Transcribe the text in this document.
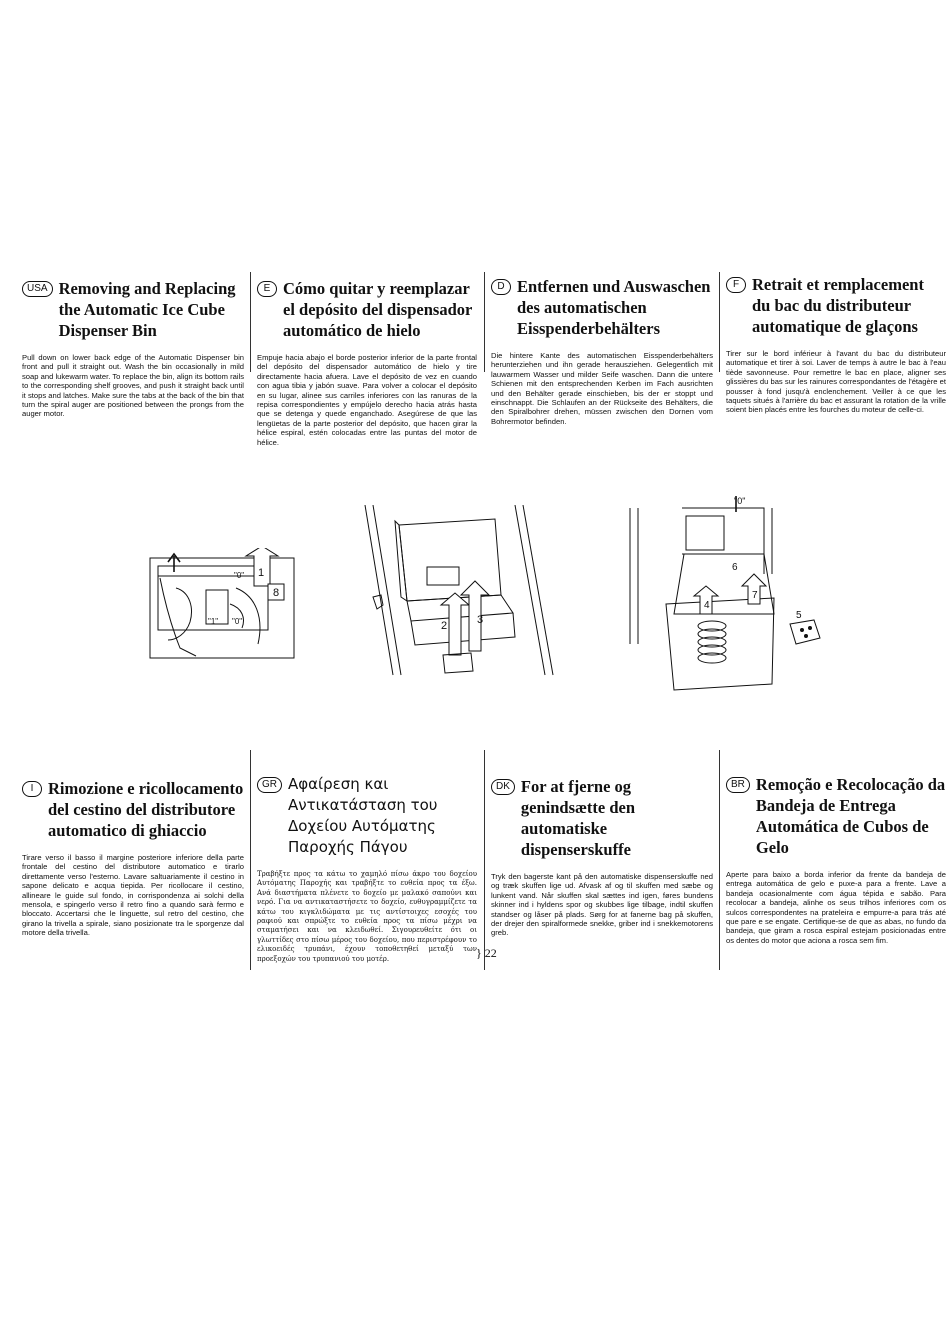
USA Removing and Replacing the Automatic Ice Cube Dispenser Bin
Pull down on lower back edge of the Automatic Dispenser bin front and pull it straight out. Wash the bin occasionally in mild soap and lukewarm water. To replace the bin, align its bottom rails to the corresponding shelf grooves, and push it straight back until it stops and latches. Make sure the tabs at the back of the bin that turn the spiral auger are positioned between the prongs from the auger motor.
E Cómo quitar y reemplazar el depósito del dispensador automático de hielo
Empuje hacia abajo el borde posterior inferior de la parte frontal del depósito del dispensador automático de hielo y tire directamente hacia afuera. Lave el depósito de vez en cuando con agua tibia y jabón suave. Para volver a colocar el depósito en su lugar, alinee sus carriles inferiores con las ranuras de la repisa correspondientes y empújelo derecho hacia atrás hasta que se detenga y quede enganchado. Asegúrese de que las lengüetas de la parte posterior del depósito, que hacen girar la hélice espiral, estén colocadas entre las puntas del motor de hélice.
D Entfernen und Auswaschen des automatischen Eisspenderbehälters
Die hintere Kante des automatischen Eisspenderbehälters herunterziehen und ihn gerade herausziehen. Gelegentlich mit lauwarmem Wasser und milder Seife waschen. Dann die untere Schienen mit den entsprechenden Kerben im Fach ausrichten und den Behälter gerade einschieben, bis der er stoppt und einschnappt. Die Schlaufen an der Rückseite des Behälters, die den Spiralbohrer drehen, müssen zwischen den Dornen vom Bohrermotor befinden.
F Retrait et remplacement du bac du distributeur automatique de glaçons
Tirer sur le bord inférieur à l'avant du bac du distributeur automatique et tirer à soi. Laver de temps à autre le bac à l'eau tiède savonneuse. Pour remettre le bac en place, aligner ses glissières du bas sur les rainures correspondantes de l'étagère et pousser à fond jusqu'à enclenchement. Veiller à ce que les taquets situés à l'arrière du bac et assurant la rotation de la vrille soient bien placés entre les fourches du moteur de celle-ci.
"0" 1
8
"1" "0"	2	3
"0"
6
4
7
5
I Rimozione e ricollocamento del cestino del distributore automatico di ghiaccio
Tirare verso il basso il margine posteriore inferiore della parte frontale del cestino del distributore automatico e tirarlo direttamente verso l'esterno. Lavare saltuariamente il cestino in sapone delicato e acqua tiepida. Per ricollocare il cestino, allineare le guide sul fondo, in corrispondenza ai solchi della mensola, e spingerlo verso il retro fino a quando sarà fermo e bloccato. Accertarsi che le linguette, sul retro del cestino, che girano la trivella a spirale, siano posizionate tra le sporgenze dal motore della trivella.
GR Αφαίρεση και Αντικατάσταση του Δοχείου Αυτόματης Παροχής Πάγου
Τραβήξτε προς τα κάτω το χαμηλό πίσω άκρο του δοχείου Αυτόματης Παροχής και τραβήξτε το ευθεία προς τα έξω. Ανά διαστήματα πλένετε το δοχείο με μαλακό σαπούνι και νερό. Για να αντικαταστήσετε το δοχείο, ευθυγραμμίζετε τα κάτω του κιγκλιδώματα με τις αντίστοιχες εσοχές του ραφιού και σπρώξτε το ευθεία προς τα πίσω μέχρι να σταματήσει και να κλειδωθεί. Σιγουρευθείτε ότι οι γλωττίδες στο πίσω μέρος του δοχείου, που περιστρέφουν το ελικοειδές τρυπάνι, έχουν τοποθετηθεί μεταξύ των προεξοχών του τρυπανιού του μοτέρ.
DK For at fjerne og genindsætte den automatiske dispenserskuffe
Tryk den bagerste kant på den automatiske dispenserskuffe ned og træk skuffen lige ud. Afvask af og til skuffen med sæbe og lunkent vand. Når skuffen skal sættes ind igen, føres bundens skinner ind i hyldens spor og skubbes lige tilbage, indtil skuffen standser og låser på plads. Sørg for at fanerne bag på skuffen, der drejer den spiralformede snekke, griber ind i snekkemotorens greb.
BR Remoção e Recolocação da Bandeja de Entrega Automática de Cubos de Gelo
Aperte para baixo a borda inferior da frente da bandeja de entrega automática de gelo e puxe-a para a frente. Lave a bandeja ocasionalmente com água tépida e sabão. Para recolocar a bandeja, alinhe os seus trilhos inferiores com os sulcos correspondentes na prateleira e empurre-a para trás até que pare e se engate. Certifique-se de que as abas, no fundo da bandeja, que giram a rosca espiral estejam posicionadas entre os dentes do motor que aciona a rosca sem fim.
} 22
